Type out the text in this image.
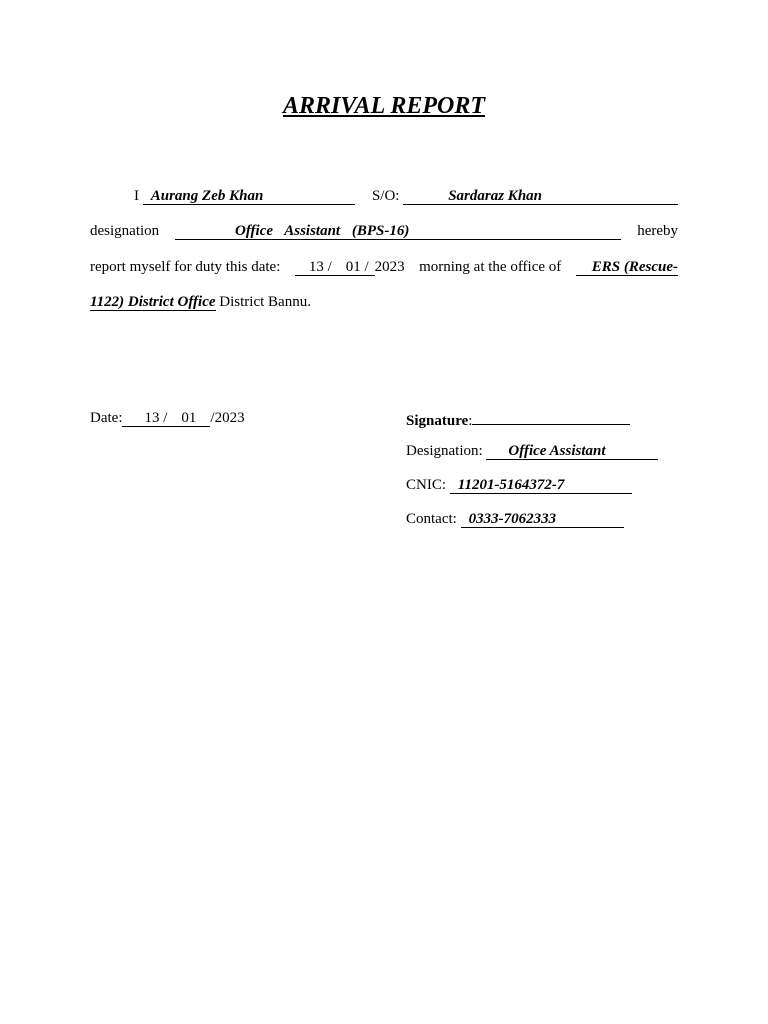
ARRIVAL REPORT
I Aurang Zeb Khan	S/O:	Sardaraz Khan
designation	Office Assistant (BPS-16)	hereby
report myself for duty this date:	13 / 01 / 2023 morning at the office of	ERS (Rescue-
1122) District Office District Bannu.
Date: 13 / 01 /2023	Signature:
Designation: Office Assistant
CNIC: 11201-5164372-7
Contact: 0333-7062333
